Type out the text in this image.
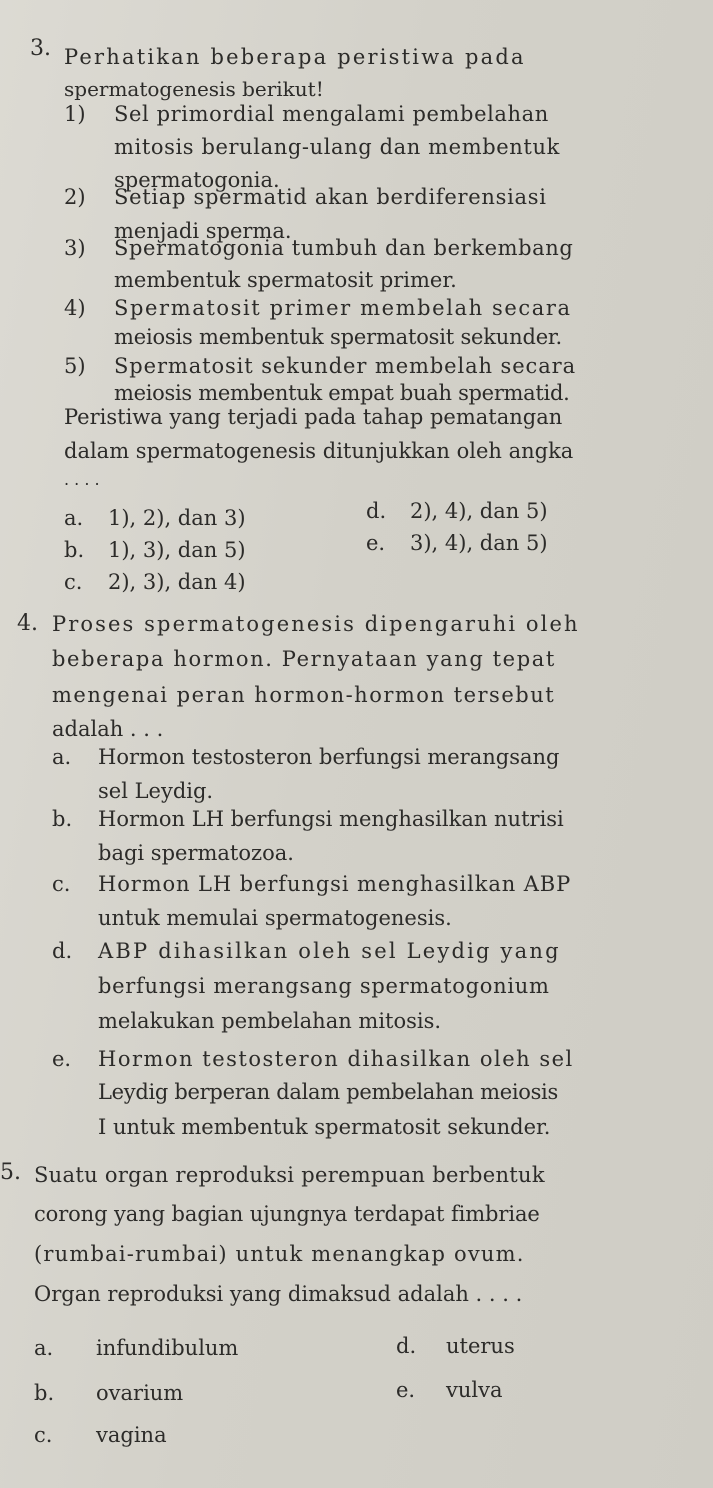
3. Perhatikan beberapa peristiwa pada
spermatogenesis berikut!
1) Sel primordial mengalami pembelahan
mitosis berulang-ulang dan membentuk
spermatogonia.
2) Setiap spermatid akan berdiferensiasi
menjadi sperma.
3) Spermatogonia tumbuh dan berkembang
membentuk spermatosit primer.
4) Spermatosit primer membelah secara
meiosis membentuk spermatosit sekunder.
5) Spermatosit sekunder membelah secara
meiosis membentuk empat buah spermatid.
Peristiwa yang terjadi pada tahap pematangan
dalam spermatogenesis ditunjukkan oleh angka
. . . .
a. 1), 2), dan 3)
b. 1), 3), dan 5)
c. 2), 3), dan 4)
d. 2), 4), dan 5)
e. 3), 4), dan 5)
4. Proses spermatogenesis dipengaruhi oleh
beberapa hormon. Pernyataan yang tepat
mengenai peran hormon-hormon tersebut
adalah . . .
a. Hormon testosteron berfungsi merangsang
sel Leydig.
b. Hormon LH berfungsi menghasilkan nutrisi
bagi spermatozoa.
c. Hormon LH berfungsi menghasilkan ABP
untuk memulai spermatogenesis.
d. ABP dihasilkan oleh sel Leydig yang
berfungsi merangsang spermatogonium
melakukan pembelahan mitosis.
e. Hormon testosteron dihasilkan oleh sel
Leydig berperan dalam pembelahan meiosis
I untuk membentuk spermatosit sekunder.
5. Suatu organ reproduksi perempuan berbentuk
corong yang bagian ujungnya terdapat fimbriae
(rumbai-rumbai) untuk menangkap ovum.
Organ reproduksi yang dimaksud adalah . . . .
a. infundibulum
b. ovarium
c. vagina
d. uterus
e. vulva
